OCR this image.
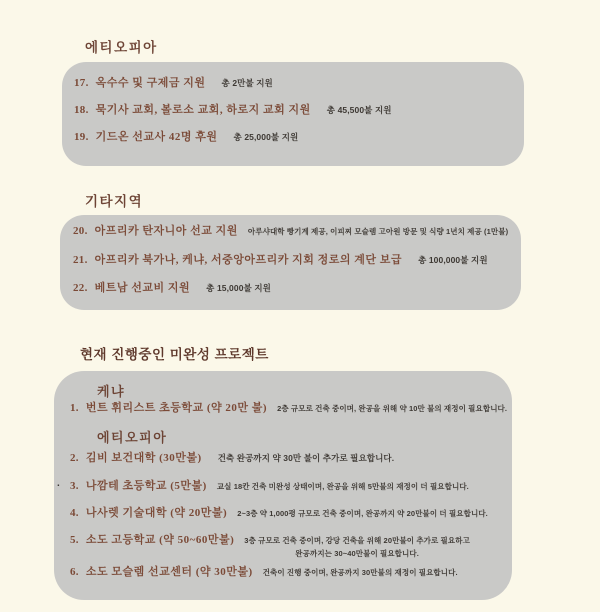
에티오피아
17. 옥수수 및 구제금 지원 총 2만불 지원
18. 묵기사 교회, 볼로소 교회, 하로지 교회 지원 총 45,500불 지원
19. 기드온 선교사 42명 후원 총 25,000불 지원
기타지역
20. 아프리카 탄자니아 선교 지원 아루샤대학 빵기계 제공, 이피찌 모슬렘 고아원 방문 및 식량 1년치 제공 (1만불)
21. 아프리카 북가나, 케냐, 서중앙아프리카 지회 정로의 계단 보급 총 100,000불 지원
22. 베트남 선교비 지원 총 15,000불 지원
현재 진행중인 미완성 프로젝트
케냐
1. 번트 휘리스트 초등학교 (약 20만 불) 2층 규모로 건축 중이며, 완공을 위해 약 10만 불의 재정이 필요합니다.
에티오피아
2. 김비 보건대학 (30만불) 건축 완공까지 약 30만 불이 추가로 필요합니다.
3. 나깜테 초등학교 (5만불) 교실 18칸 건축 미완성 상태이며, 완공을 위해 5만불의 재정이 더 필요합니다.
4. 나사렛 기술대학 (약 20만불) 2~3층 약 1,000평 규모로 건축 중이며, 완공까지 약 20만불이 더 필요합니다.
5. 소도 고등학교 (약 50~60만불) 3층 규모로 건축 중이며, 강당 건축을 위해 20만불이 추가로 필요하고
완공까지는 30~40만불이 필요합니다.
6. 소도 모슬렘 선교센터 (약 30만불) 건축이 진행 중이며, 완공까지 30만불의 재정이 필요합니다.
.
